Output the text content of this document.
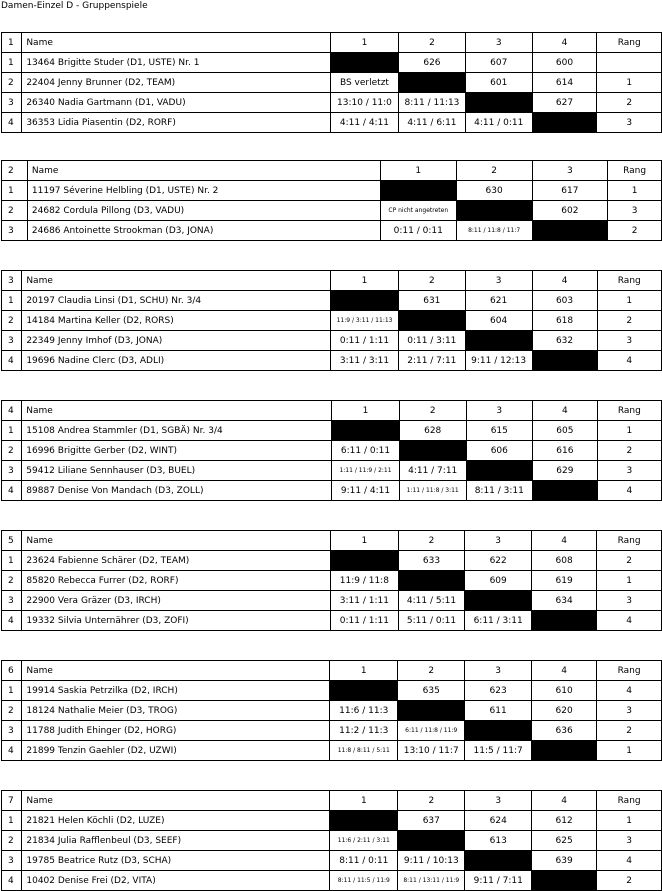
Damen-Einzel D - Gruppenspiele
1	Name	1	2	3	4	Rang
1	13464 Brigitte Studer (D1, USTE) Nr. 1		626	607	600	
2	22404 Jenny Brunner (D2, TEAM)	BS verletzt		601	614	1
3	26340 Nadia Gartmann (D1, VADU)	13:10 / 11:0	8:11 / 11:13		627	2
4	36353 Lidia Piasentin (D2, RORF)	4:11 / 4:11	4:11 / 6:11	4:11 / 0:11		3
2	Name	1	2	3	Rang
1	11197 Séverine Helbling (D1, USTE) Nr. 2		630	617	1
2	24682 Cordula Pillong (D3, VADU)	CP nicht angetreten		602	3
3	24686 Antoinette Strookman (D3, JONA)	0:11 / 0:11	8:11 / 11:8 / 11:7		2
3	Name	1	2	3	4	Rang
1	20197 Claudia Linsi (D1, SCHU) Nr. 3/4		631	621	603	1
2	14184 Martina Keller (D2, RORS)	11:9 / 3:11 / 11:13		604	618	2
3	22349 Jenny Imhof (D3, JONA)	0:11 / 1:11	0:11 / 3:11		632	3
4	19696 Nadine Clerc (D3, ADLI)	3:11 / 3:11	2:11 / 7:11	9:11 / 12:13		4
4	Name	1	2	3	4	Rang
1	15108 Andrea Stammler (D1, SGBÄ) Nr. 3/4		628	615	605	1
2	16996 Brigitte Gerber (D2, WINT)	6:11 / 0:11		606	616	2
3	59412 Liliane Sennhauser (D3, BUEL)	1:11 / 11:9 / 2:11	4:11 / 7:11		629	3
4	89887 Denise Von Mandach (D3, ZOLL)	9:11 / 4:11	1:11 / 11:8 / 3:11	8:11 / 3:11		4
5	Name	1	2	3	4	Rang
1	23624 Fabienne Schärer (D2, TEAM)		633	622	608	2
2	85820 Rebecca Furrer (D2, RORF)	11:9 / 11:8		609	619	1
3	22900 Vera Gräzer (D3, IRCH)	3:11 / 1:11	4:11 / 5:11		634	3
4	19332 Silvia Unternährer (D3, ZOFI)	0:11 / 1:11	5:11 / 0:11	6:11 / 3:11		4
6	Name	1	2	3	4	Rang
1	19914 Saskia Petrzilka (D2, IRCH)		635	623	610	4
2	18124 Nathalie Meier (D3, TROG)	11:6 / 11:3		611	620	3
3	11788 Judith Ehinger (D2, HORG)	11:2 / 11:3	6:11 / 11:8 / 11:9		636	2
4	21899 Tenzin Gaehler (D2, UZWI)	11:8 / 8:11 / 5:11	13:10 / 11:7	11:5 / 11:7		1
7	Name	1	2	3	4	Rang
1	21821 Helen Köchli (D2, LUZE)		637	624	612	1
2	21834 Julia Rafflenbeul (D3, SEEF)	11:6 / 2:11 / 3:11		613	625	3
3	19785 Beatrice Rutz (D3, SCHA)	8:11 / 0:11	9:11 / 10:13		639	4
4	10402 Denise Frei (D2, VITA)	8:11 / 11:5 / 11:9	8:11 / 13:11 / 11:9	9:11 / 7:11		2
